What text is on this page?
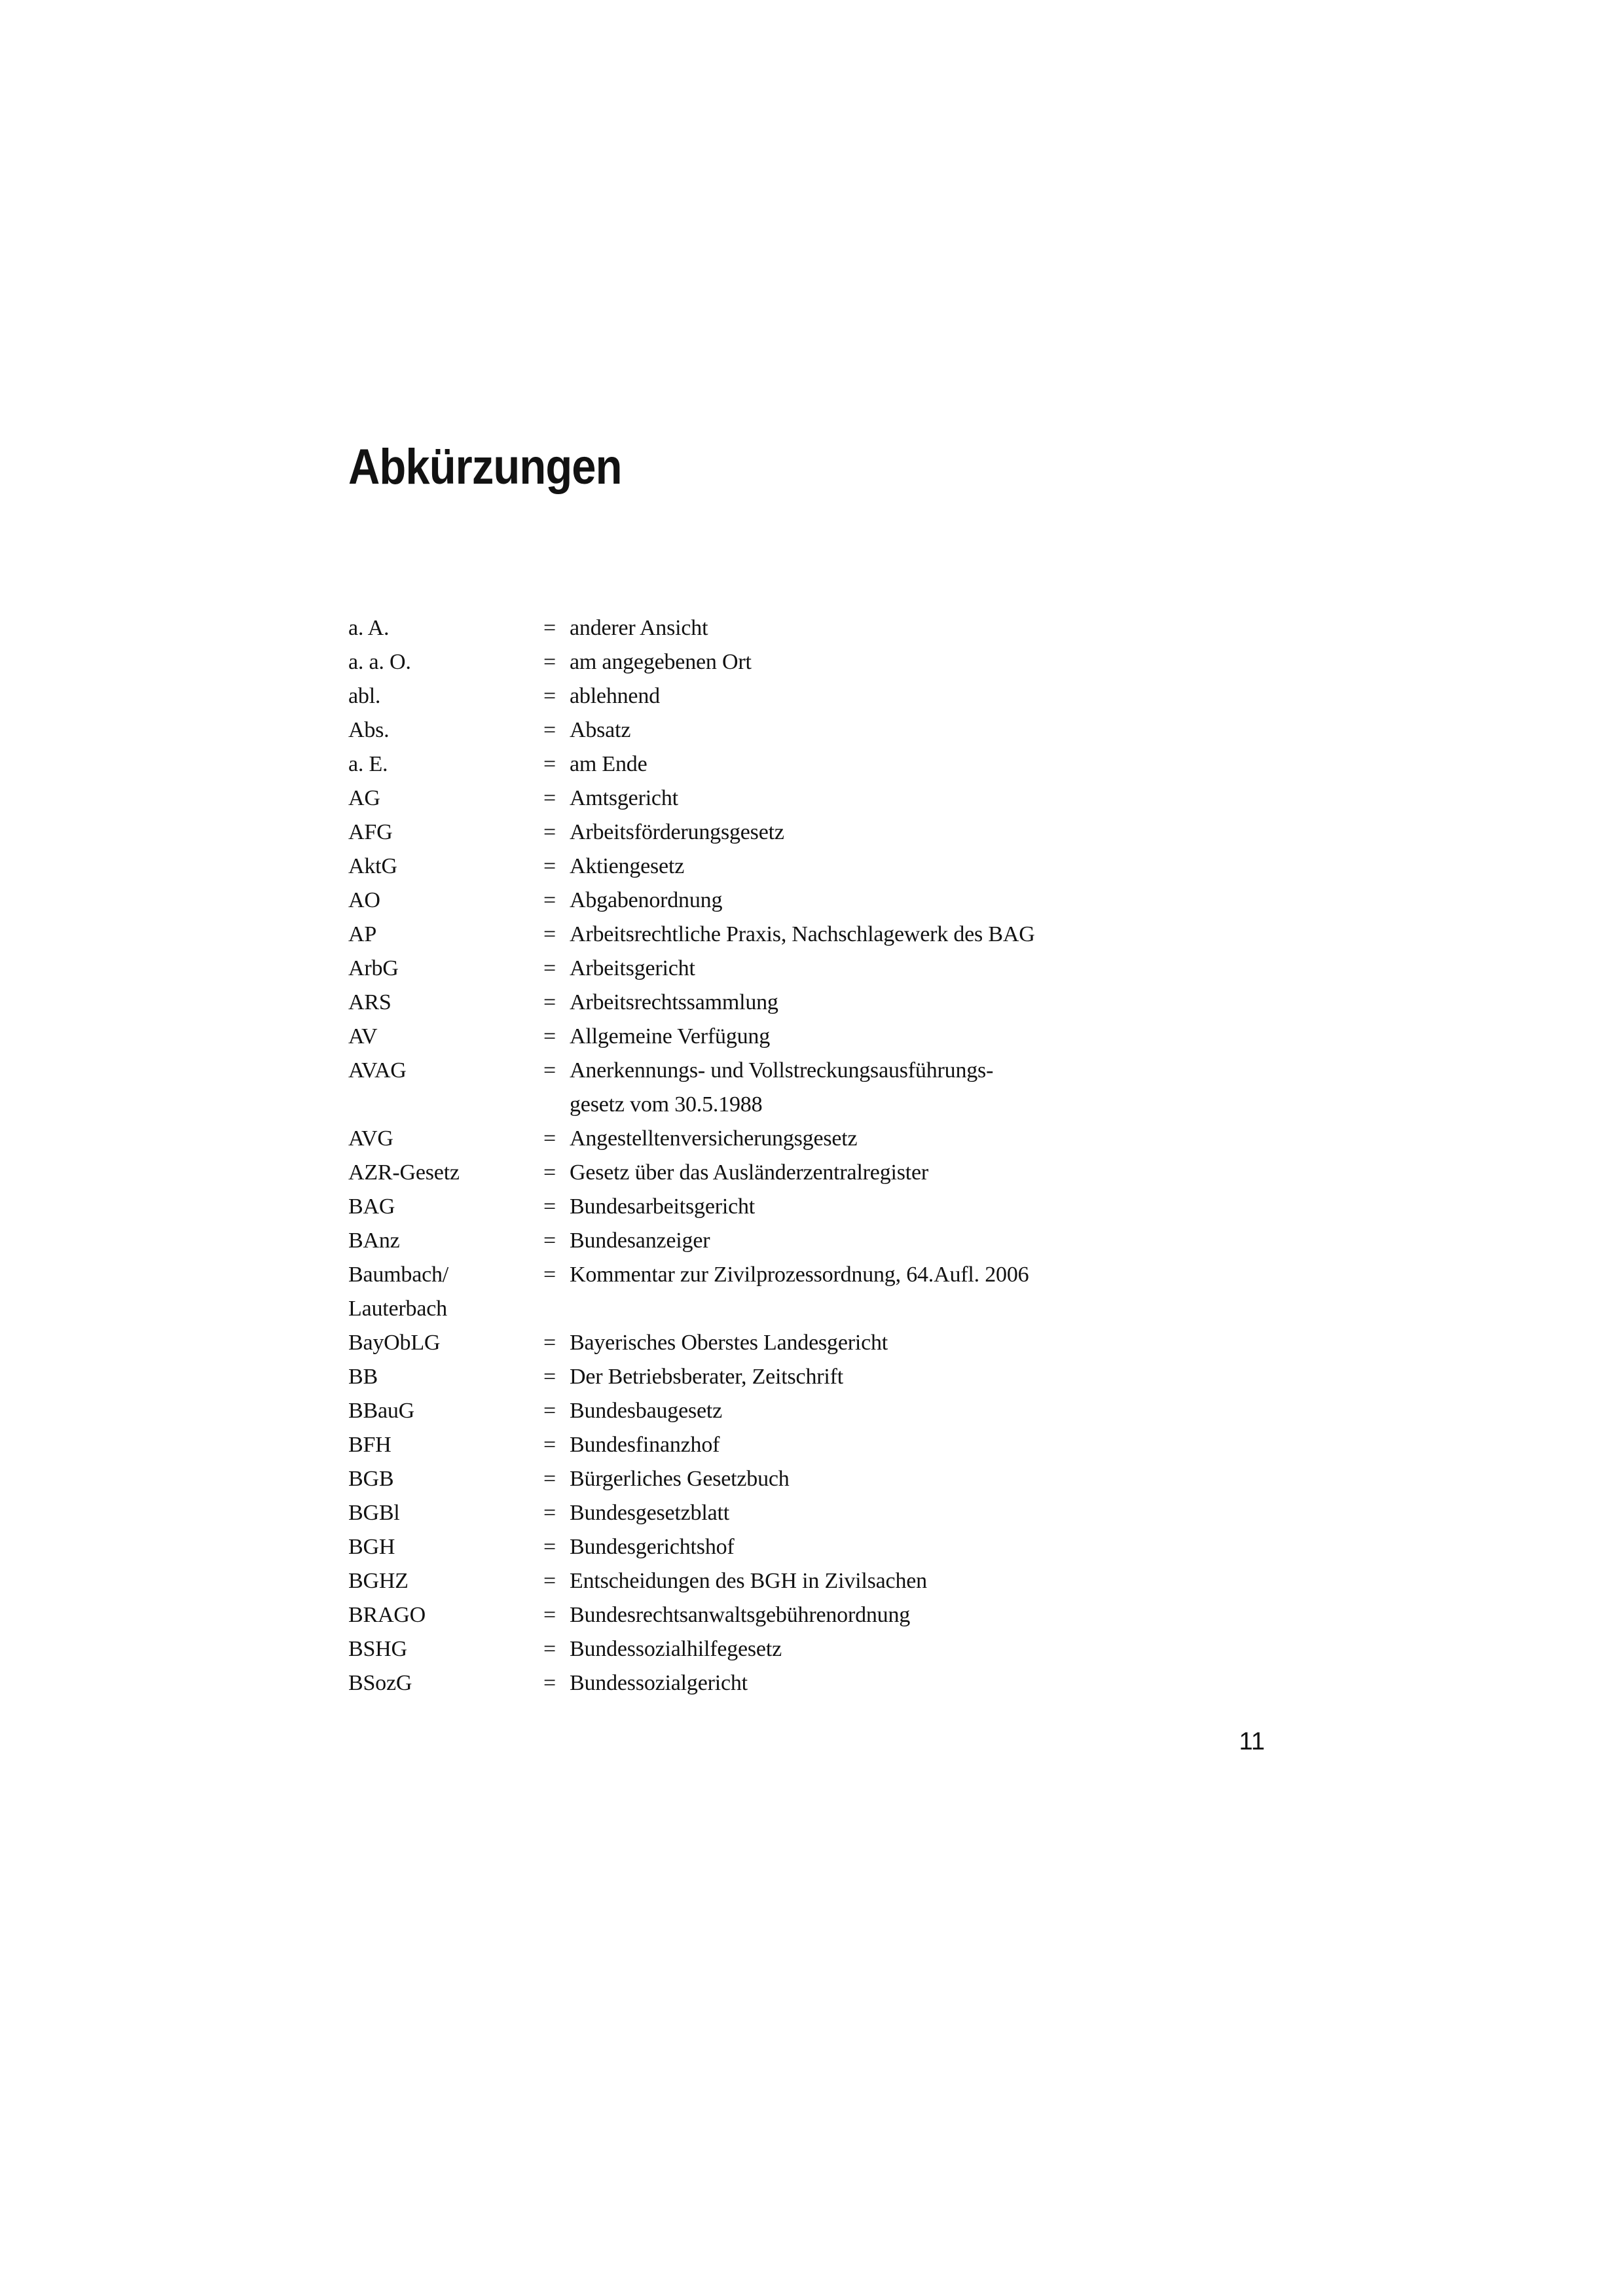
Abkürzungen
a. A.	= anderer Ansicht
a. a. O.	= am angegebenen Ort
abl.	= ablehnend
Abs.	= Absatz
a. E.	= am Ende
AG	= Amtsgericht
AFG	= Arbeitsförderungsgesetz
AktG	= Aktiengesetz
AO	= Abgabenordnung
AP	= Arbeitsrechtliche Praxis, Nachschlagewerk des BAG
ArbG	= Arbeitsgericht
ARS	= Arbeitsrechtssammlung
AV	= Allgemeine Verfügung
AVAG	= Anerkennungs- und Vollstreckungsausführungs-
gesetz vom 30.5.1988
AVG	= Angestelltenversicherungsgesetz
AZR-Gesetz	= Gesetz über das Ausländerzentralregister
BAG	= Bundesarbeitsgericht
BAnz	= Bundesanzeiger
Baumbach/	= Kommentar zur Zivilprozessordnung, 64.Aufl. 2006
Lauterbach
BayObLG	= Bayerisches Oberstes Landesgericht
BB	= Der Betriebsberater, Zeitschrift
BBauG	= Bundesbaugesetz
BFH	= Bundesfinanzhof
BGB	= Bürgerliches Gesetzbuch
BGBl	= Bundesgesetzblatt
BGH	= Bundesgerichtshof
BGHZ	= Entscheidungen des BGH in Zivilsachen
BRAGO	= Bundesrechtsanwaltsgebührenordnung
BSHG	= Bundessozialhilfegesetz
BSozG	= Bundessozialgericht
11
